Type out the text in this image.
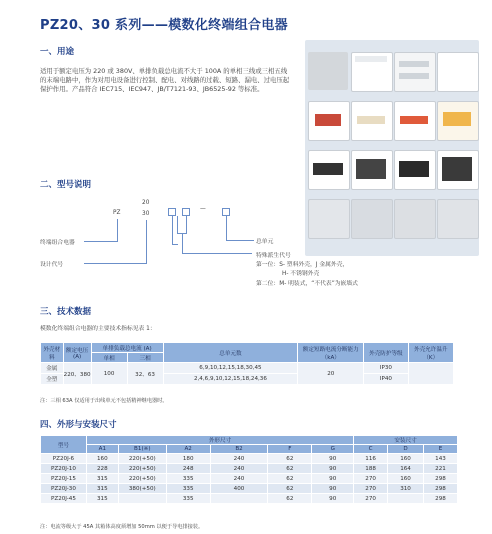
PZ20、30 系列——模数化终端组合电器
一、用途
适用于额定电压为 220 或 380V、单排负载总电流不大于 100A 的单相三线或三相五线的末端电路中，作为对用电设备进行控制、配电、对线路的过载、短路、漏电、过电压起保护作用。产品符合 IEC715、IEC947、JB/T7121-93、JB6525-92 等标准。
二、型号说明
PZ
20
30
—
终端组合电器
设计代号
总单元
特殊派生代号
第一位：S- 塑料外壳，J 金属外壳，
H- 不锈钢外壳
第二位：M- 明装式，“不代表”为嵌墙式
三、技术数据
模数化终端组合电器的主要技术指标见表 1：
外壳材料	额定电压(A)	单排负载总电流 (A)		总单元数	额定短路电流分断能力（kA）	外壳防护等级	外壳允许温升（K）
		单相	三相				
金属	220、380	100	32、63	6,9,10,12,15,18,30,45	20	IP30	
全塑				2,4,6,9,10,12,15,18,24,36		IP40	
注：三相 63A 仅适用于出线单元不包括精神继电器时。
四、外形与安装尺寸
型号	外形尺寸						安装尺寸		
	A1	B1(※)	A2	B2	F	G	C	D	E
PZ20J-6	160	220(+50)	180	240	62	90	116	160	143
PZ20J-10	228	220(+50)	248	240	62	90	188	164	221
PZ20J-15	315	220(+50)	335	240	62	90	270	160	298
PZ20J-30	315	380(+50)	335	400	62	90	270	310	298
PZ20J-45	315		335		62	90	270		298
注：电流等级大于 45A 其箱体高度须增加 50mm 以便于导电排接装。
